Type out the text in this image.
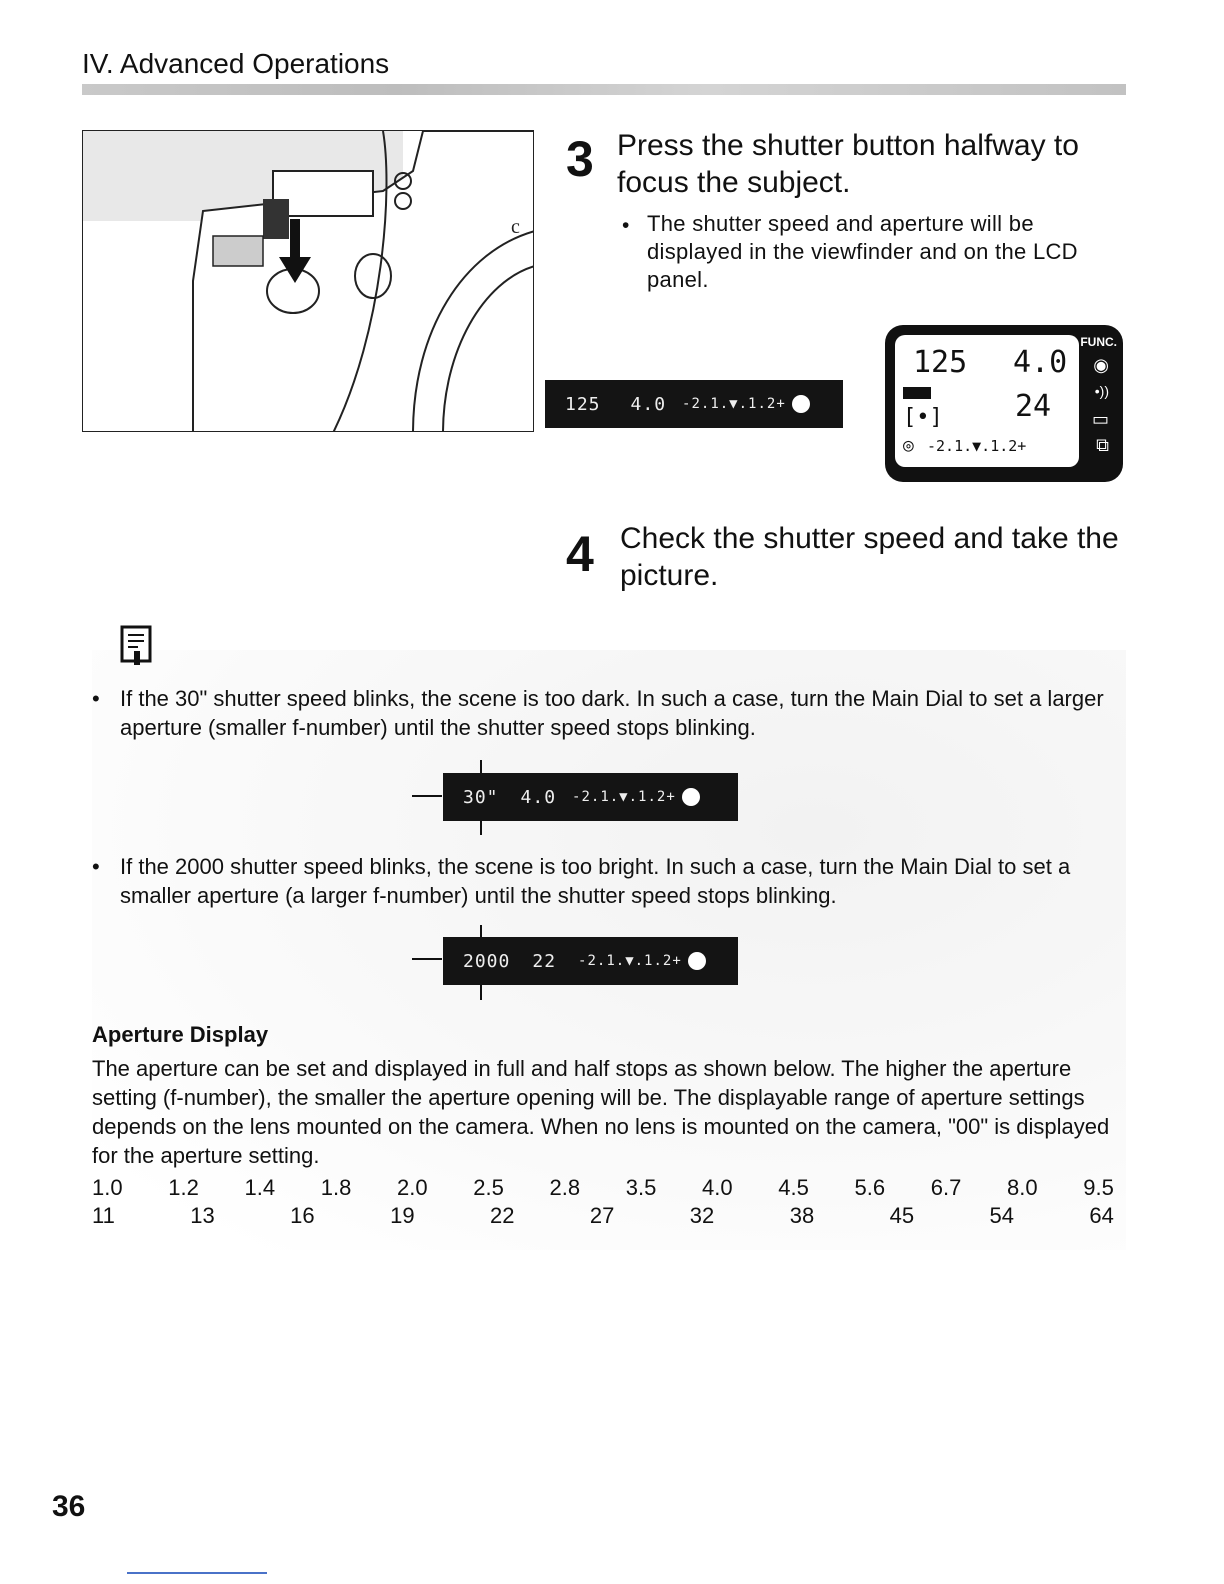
IV. Advanced Operations
c
3 Press the shutter button halfway to focus the subject.
• The shutter speed and aperture will be displayed in the viewfinder and on the LCD panel.
125 4.0 -2.1.▼.1.2+
125 4.0
[•] 24
◎ -2.1.▼.1.2+
FUNC.
◉
•))
▭
⧉
4 Check the shutter speed and take the picture.
• If the 30" shutter speed blinks, the scene is too dark. In such a case, turn the Main Dial to set a larger aperture (smaller f-number) until the shutter speed stops blinking.
30" 4.0 -2.1.▼.1.2+
• If the 2000 shutter speed blinks, the scene is too bright. In such a case, turn the Main Dial to set a smaller aperture (a larger f-number) until the shutter speed stops blinking.
2000 22 -2.1.▼.1.2+
Aperture Display
The aperture can be set and displayed in full and half stops as shown below. The higher the aperture setting (f-number), the smaller the aperture opening will be. The displayable range of aperture settings depends on the lens mounted on the camera. When no lens is mounted on the camera, "00" is displayed for the aperture setting.
1.0 1.2 1.4 1.8 2.0 2.5 2.8 3.5 4.0 4.5 5.6 6.7 8.0 9.5
11	13	16	19	22	27	32	38	45	54	64
36
